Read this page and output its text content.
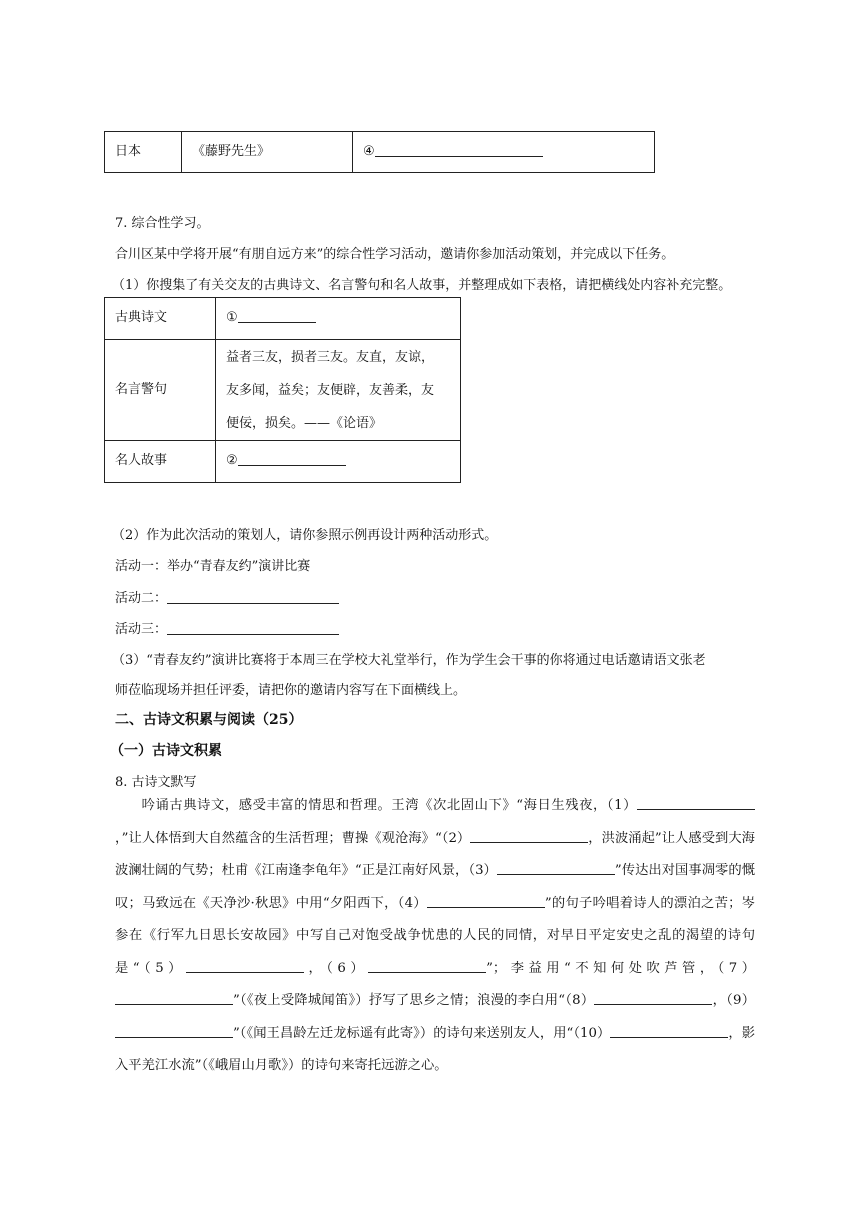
日本	《藤野先生》	④
7. 综合性学习。
合川区某中学将开展“有朋自远方来”的综合性学习活动，邀请你参加活动策划，并完成以下任务。
（1）你搜集了有关交友的古典诗文、名言警句和名人故事，并整理成如下表格，请把横线处内容补充完整。
古典诗文	①
名言警句	益者三友，损者三友。友直，友谅，
友多闻，益矣；友便辟，友善柔，友
便佞，损矣。——《论语》

名人故事	②
（2）作为此次活动的策划人，请你参照示例再设计两种活动形式。
活动一：举办“青春友约”演讲比赛
活动二：
活动三：
（3）“青春友约”演讲比赛将于本周三在学校大礼堂举行，作为学生会干事的你将通过电话邀请语文张老
师莅临现场并担任评委，请把你的邀请内容写在下面横线上。
二、古诗文积累与阅读（25）
（一）古诗文积累
8. 古诗文默写

吟诵古典诗文，感受丰富的情思和哲理。王湾《次北固山下》“海日生残夜，（1），”让人体悟到大自然蕴含的生活哲理；曹操《观沧海》“（2）	，洪波涌起”让人感受到大海波澜壮阔的气势；杜甫《江南逢李龟年》“正是江南好风景，（3）	”传达出对国事凋零的慨叹；马致远在《天净沙·秋思》中用“夕阳西下，（4）	”的句子吟唱着诗人的漂泊之苦；岑参在《行军九日思长安故园》中写自己对饱受战争忧患的人民的同情，对早日平定安史之乱的渴望的诗句是“（5）	，（6）	”；李益用“不知何处吹芦管，（7）”（《夜上受降城闻笛》）抒写了思乡之情；浪漫的李白用“（8）	，（9）”（《闻王昌龄左迁龙标遥有此寄》）的诗句来送别友人，用“（10）	，影入平羌江水流”（《峨眉山月歌》）的诗句来寄托远游之心。
